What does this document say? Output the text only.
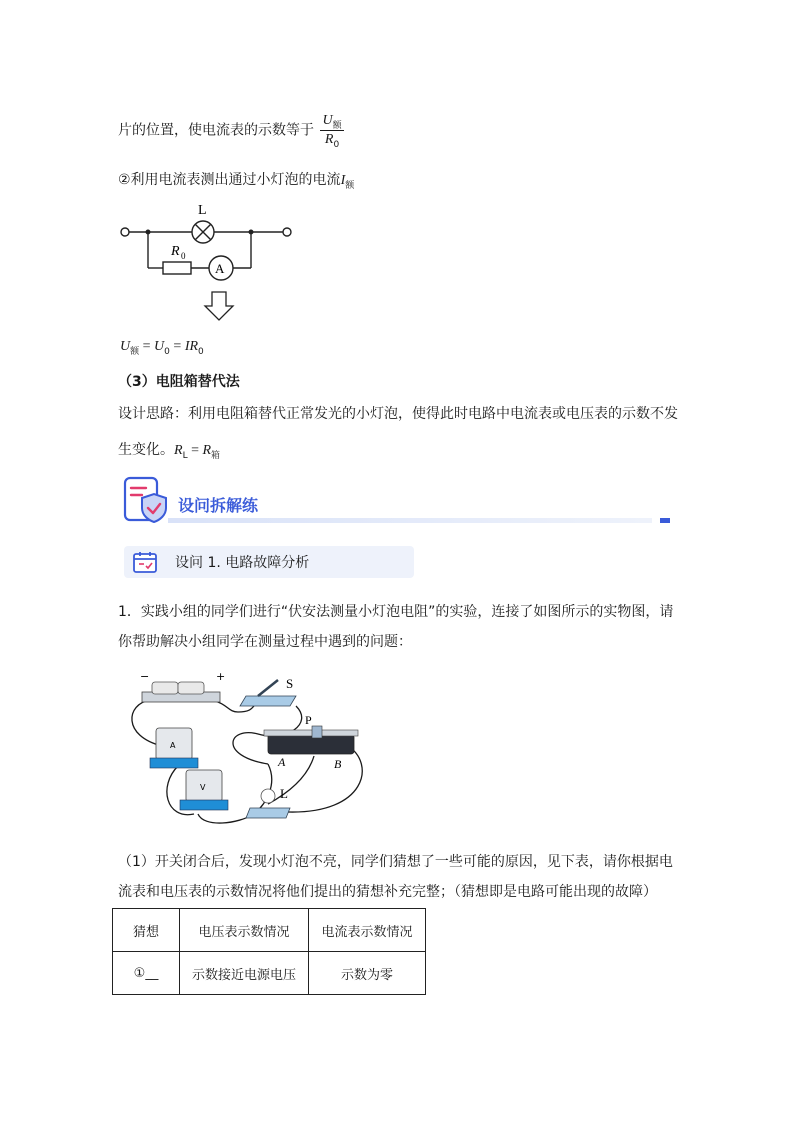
片的位置，使电流表的示数等于 $\frac{U_额}{R_0}$
②利用电流表测出通过小灯泡的电流$I_额$
L
R 0
A
$U_额 = U_0 = IR_0$
（3）电阻箱替代法
设计思路：利用电阻箱替代正常发光的小灯泡，使得此时电路中电流表或电压表的示数不发
生变化。$R_L = R_箱$
设问拆解练
设问 1. 电路故障分析
1．实践小组的同学们进行“伏安法测量小灯泡电阻”的实验，连接了如图所示的实物图，请
你帮助解决小组同学在测量过程中遇到的问题：
−	+	S
P
A	B
A
V	L
（1）开关闭合后，发现小灯泡不亮，同学们猜想了一些可能的原因，见下表，请你根据电
流表和电压表的示数情况将他们提出的猜想补充完整；（猜想即是电路可能出现的故障）
猜想	电压表示数情况	电流表示数情况
①__	示数接近电源电压	示数为零
